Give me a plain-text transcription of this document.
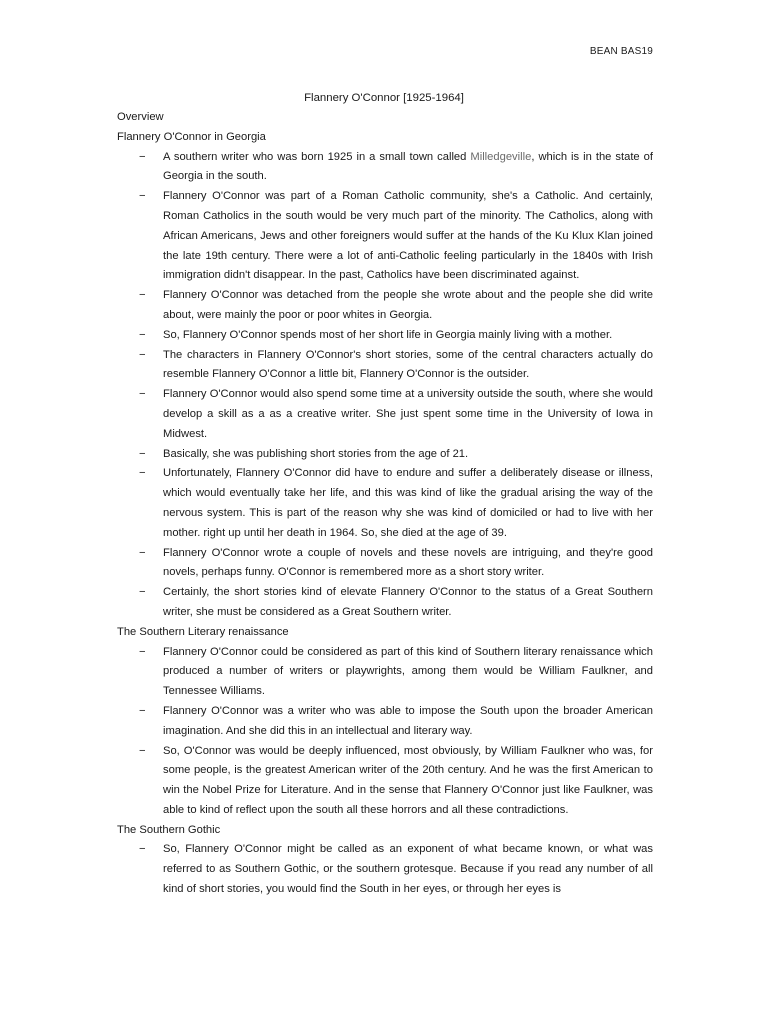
BEAN BAS19
Flannery O'Connor [1925-1964]
Overview
Flannery O'Connor in Georgia
− A southern writer who was born 1925 in a small town called Milledgeville, which is in the state of Georgia in the south.
− Flannery O'Connor was part of a Roman Catholic community, she's a Catholic. And certainly, Roman Catholics in the south would be very much part of the minority. The Catholics, along with African Americans, Jews and other foreigners would suffer at the hands of the Ku Klux Klan joined the late 19th century. There were a lot of anti-Catholic feeling particularly in the 1840s with Irish immigration didn't disappear. In the past, Catholics have been discriminated against.
− Flannery O'Connor was detached from the people she wrote about and the people she did write about, were mainly the poor or poor whites in Georgia.
− So, Flannery O'Connor spends most of her short life in Georgia mainly living with a mother.
− The characters in Flannery O'Connor's short stories, some of the central characters actually do resemble Flannery O'Connor a little bit, Flannery O'Connor is the outsider.
− Flannery O'Connor would also spend some time at a university outside the south, where she would develop a skill as a as a creative writer. She just spent some time in the University of Iowa in Midwest.
− Basically, she was publishing short stories from the age of 21.
− Unfortunately, Flannery O'Connor did have to endure and suffer a deliberately disease or illness, which would eventually take her life, and this was kind of like the gradual arising the way of the nervous system. This is part of the reason why she was kind of domiciled or had to live with her mother. right up until her death in 1964. So, she died at the age of 39.
− Flannery O'Connor wrote a couple of novels and these novels are intriguing, and they're good novels, perhaps funny. O'Connor is remembered more as a short story writer.
− Certainly, the short stories kind of elevate Flannery O'Connor to the status of a Great Southern writer, she must be considered as a Great Southern writer.
The Southern Literary renaissance
− Flannery O'Connor could be considered as part of this kind of Southern literary renaissance which produced a number of writers or playwrights, among them would be William Faulkner, and Tennessee Williams.
− Flannery O'Connor was a writer who was able to impose the South upon the broader American imagination. And she did this in an intellectual and literary way.
− So, O'Connor was would be deeply influenced, most obviously, by William Faulkner who was, for some people, is the greatest American writer of the 20th century. And he was the first American to win the Nobel Prize for Literature. And in the sense that Flannery O'Connor just like Faulkner, was able to kind of reflect upon the south all these horrors and all these contradictions.
The Southern Gothic
− So, Flannery O'Connor might be called as an exponent of what became known, or what was referred to as Southern Gothic, or the southern grotesque. Because if you read any number of all kind of short stories, you would find the South in her eyes, or through her eyes is
